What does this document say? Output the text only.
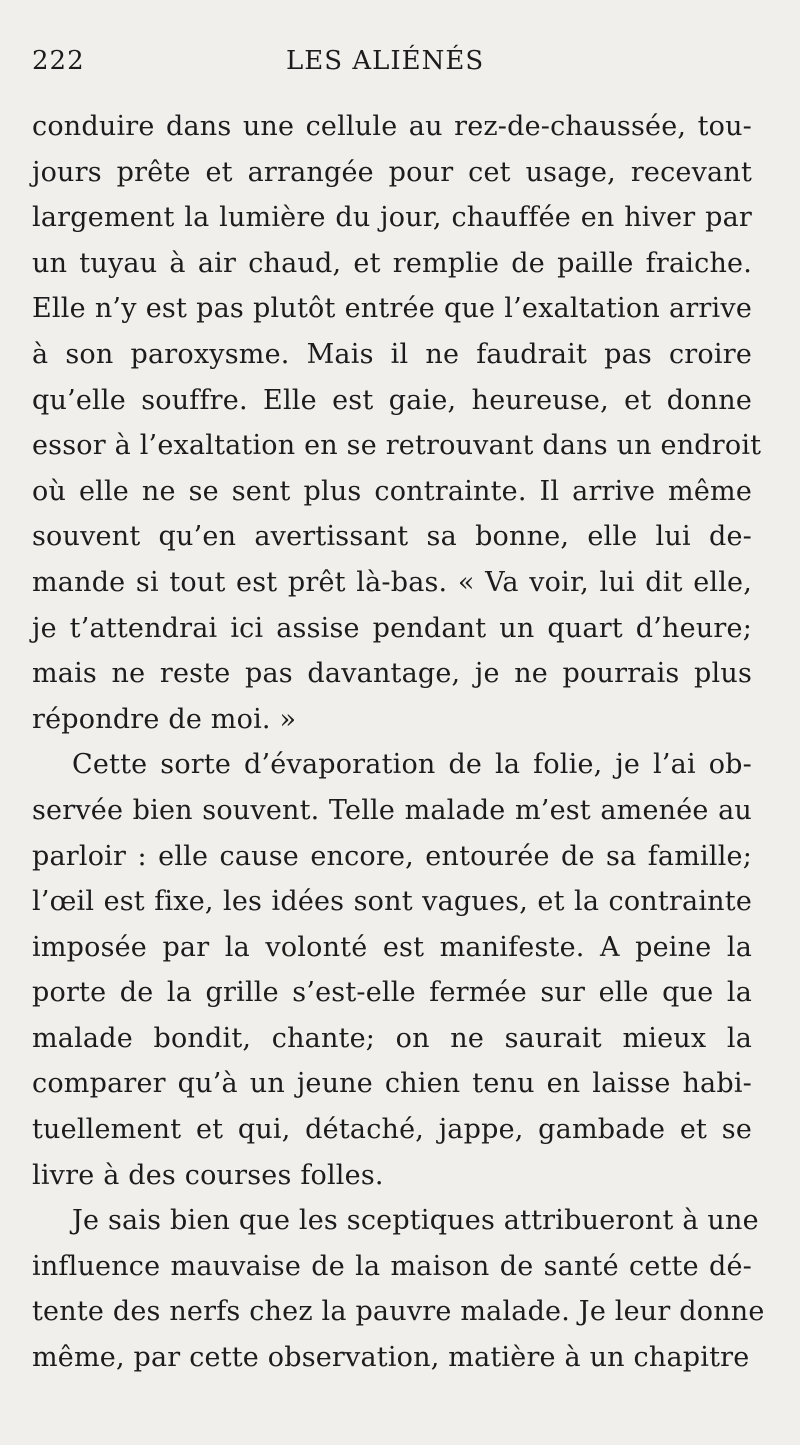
222	LES ALIÉNÉS
conduire dans une cellule au rez-de-chaussée, tou-
jours prête et arrangée pour cet usage, recevant
largement la lumière du jour, chauffée en hiver par
un tuyau à air chaud, et remplie de paille fraiche.
Elle n’y est pas plutôt entrée que l’exaltation arrive
à son paroxysme. Mais il ne faudrait pas croire
qu’elle souffre. Elle est gaie, heureuse, et donne
essor à l’exaltation en se retrouvant dans un endroit
où elle ne se sent plus contrainte. Il arrive même
souvent qu’en avertissant sa bonne, elle lui de-
mande si tout est prêt là-bas. « Va voir, lui dit elle,
je t’attendrai ici assise pendant un quart d’heure;
mais ne reste pas davantage, je ne pourrais plus
répondre de moi. »
Cette sorte d’évaporation de la folie, je l’ai ob-
servée bien souvent. Telle malade m’est amenée au
parloir : elle cause encore, entourée de sa famille;
l’œil est fixe, les idées sont vagues, et la contrainte
imposée par la volonté est manifeste. A peine la
porte de la grille s’est-elle fermée sur elle que la
malade bondit, chante; on ne saurait mieux la
comparer qu’à un jeune chien tenu en laisse habi-
tuellement et qui, détaché, jappe, gambade et se
livre à des courses folles.
Je sais bien que les sceptiques attribueront à une
influence mauvaise de la maison de santé cette dé-
tente des nerfs chez la pauvre malade. Je leur donne
même, par cette observation, matière à un chapitre
